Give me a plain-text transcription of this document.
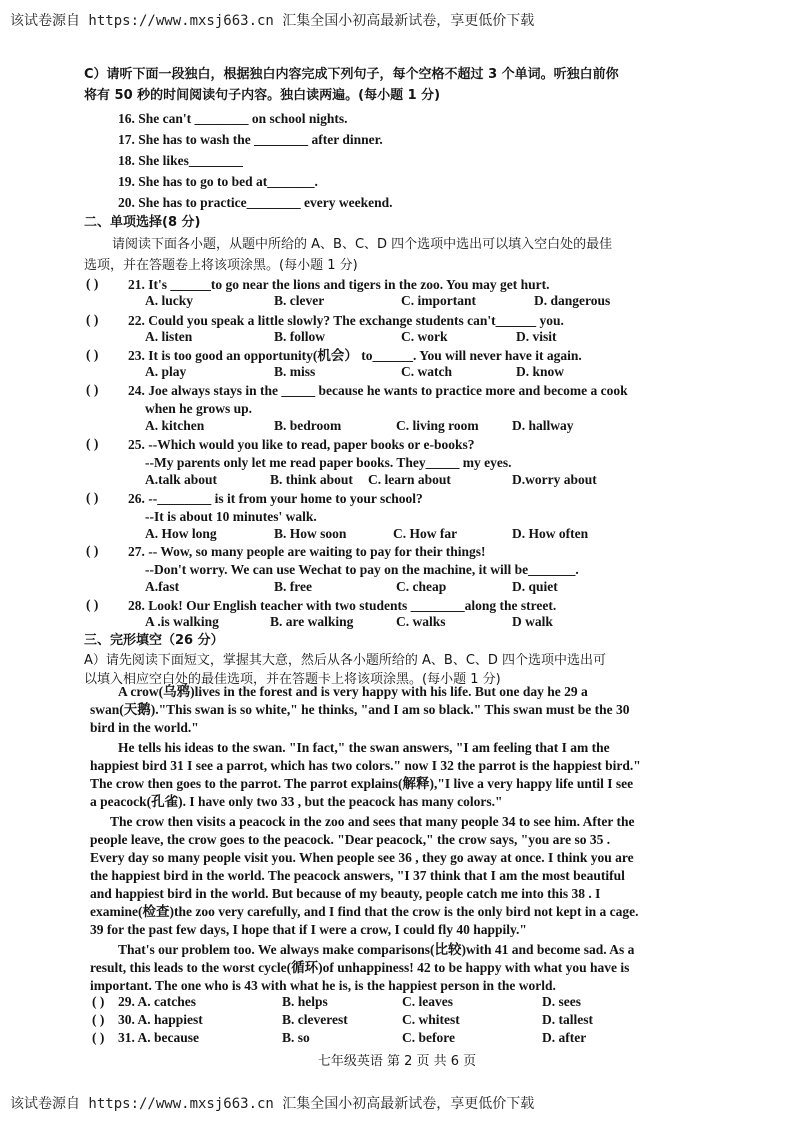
该试卷源自 https://www.mxsj663.cn 汇集全国小初高最新试卷，享更低价下载
C）请听下面一段独白，根据独白内容完成下列句子，每个空格不超过 3 个单词。听独白前你
将有 50 秒的时间阅读句子内容。独白读两遍。(每小题 1 分)
16. She can't ________ on school nights.
17. She has to wash the ________ after dinner.
18. She likes________
19. She has to go to bed at_______.
20. She has to practice________ every weekend.
二、单项选择(8 分)
请阅读下面各小题，从题中所给的 A、B、C、D 四个选项中选出可以填入空白处的最佳
选项，并在答题卷上将该项涂黑。(每小题 1 分)
( ) 21. It's ______to go near the lions and tigers in the zoo. You may get hurt.
A. lucky	B. clever	C. important	D. dangerous
( ) 22. Could you speak a little slowly? The exchange students can't______ you.
A. listen	B. follow	C. work	D. visit
( ) 23. It is too good an opportunity(机会） to______. You will never have it again.
A. play	B. miss	C. watch	D. know
( ) 24. Joe always stays in the _____ because he wants to practice more and become a cook
when he grows up.
A. kitchen	B. bedroom	C. living room D. hallway
( ) 25. --Which would you like to read, paper books or e-books?
--My parents only let me read paper books. They_____ my eyes.
A.talk about	B. think about C. learn about	D.worry about
( ) 26. --________ is it from your home to your school?
--It is about 10 minutes' walk.
A. How long	B. How soon	C. How far	D. How often
( ) 27. -- Wow, so many people are waiting to pay for their things!
--Don't worry. We can use Wechat to pay on the machine, it will be_______.
A.fast	B. free	C. cheap	D. quiet
( ) 28. Look! Our English teacher with two students ________along the street.
A .is walking	B. are walking	C. walks	D walk
三、完形填空（26 分）
A）请先阅读下面短文，掌握其大意，然后从各小题所给的 A、B、C、D 四个选项中选出可
以填入相应空白处的最佳选项，并在答题卡上将该项涂黑。(每小题 1 分)
A crow(乌鸦)lives in the forest and is very happy with his life. But one day he 29 a
swan(天鹅)."This swan is so white," he thinks, "and I am so black." This swan must be the 30
bird in the world."
He tells his ideas to the swan. "In fact," the swan answers, "I am feeling that I am the
happiest bird 31 I see a parrot, which has two colors." now I 32 the parrot is the happiest bird."
The crow then goes to the parrot. The parrot explains(解释),"I live a very happy life until I see
a peacock(孔雀). I have only two 33 , but the peacock has many colors."
The crow then visits a peacock in the zoo and sees that many people 34 to see him. After the
people leave, the crow goes to the peacock. "Dear peacock," the crow says, "you are so 35 .
Every day so many people visit you. When people see 36 , they go away at once. I think you are
the happiest bird in the world. The peacock answers, "I 37 think that I am the most beautiful
and happiest bird in the world. But because of my beauty, people catch me into this 38 . I
examine(检查)the zoo very carefully, and I find that the crow is the only bird not kept in a cage.
39 for the past few days, I hope that if I were a crow, I could fly 40 happily."
That's our problem too. We always make comparisons(比较)with 41 and become sad. As a
result, this leads to the worst cycle(循环)of unhappiness! 42 to be happy with what you have is
important. The one who is 43 with what he is, is the happiest person in the world.
( ) 29. A. catches	B. helps	C. leaves	D. sees
( ) 30. A. happiest	B. cleverest	C. whitest	D. tallest
( ) 31. A. because	B. so	C. before	D. after
七年级英语 第 2 页 共 6 页
该试卷源自 https://www.mxsj663.cn 汇集全国小初高最新试卷，享更低价下载
